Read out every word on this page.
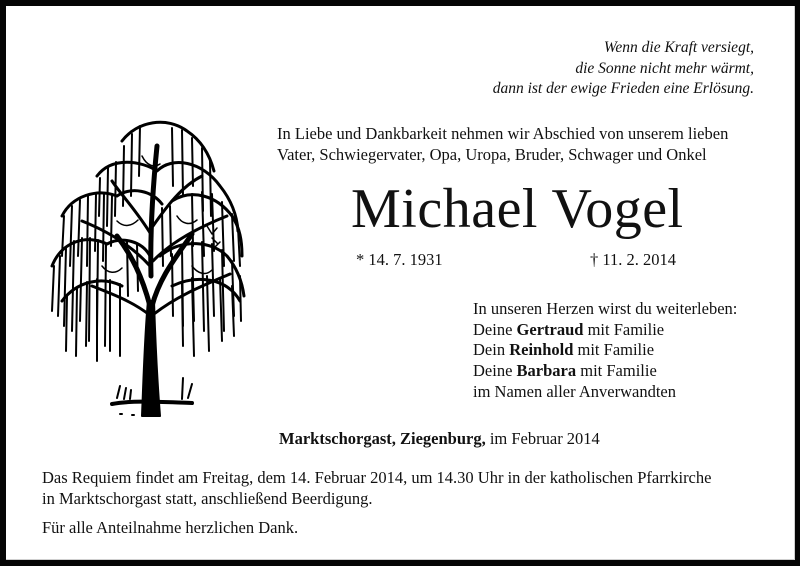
Wenn die Kraft versiegt,
die Sonne nicht mehr wärmt,
dann ist der ewige Frieden eine Erlösung.
In Liebe und Dankbarkeit nehmen wir Abschied von unserem lieben
Vater, Schwiegervater, Opa, Uropa, Bruder, Schwager und Onkel
Michael Vogel
* 14. 7. 1931	† 11. 2. 2014
In unseren Herzen wirst du weiterleben:
Deine Gertraud mit Familie
Dein Reinhold mit Familie
Deine Barbara mit Familie
im Namen aller Anverwandten
Marktschorgast, Ziegenburg, im Februar 2014
Das Requiem findet am Freitag, dem 14. Februar 2014, um 14.30 Uhr in der katholischen Pfarrkirche
in Marktschorgast statt, anschließend Beerdigung.
Für alle Anteilnahme herzlichen Dank.
